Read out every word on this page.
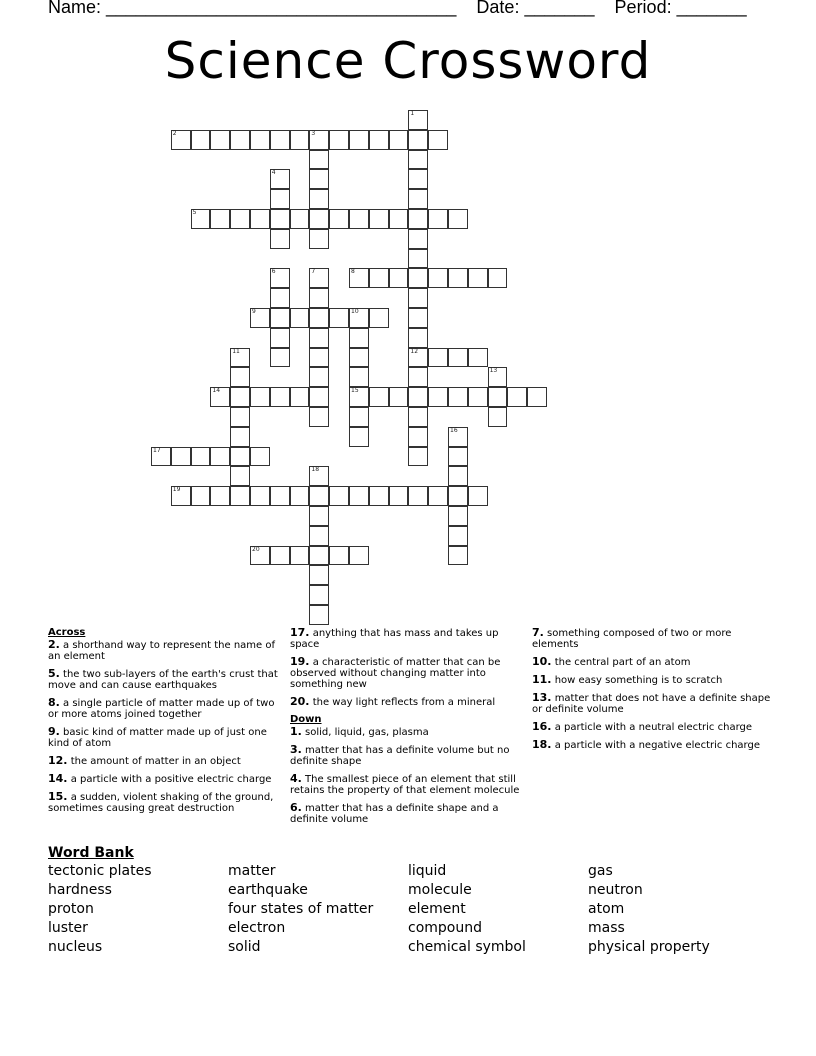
Name: ___________________________________ Date: _______ Period: _______
Science Crossword
1
12
2	3
4
5
6	7	8
9	10
15
11
13
14
16
17
18
19
20
Across
2. a shorthand way to represent the name of an element
5. the two sub-layers of the earth's crust that move and can cause earthquakes
8. a single particle of matter made up of two or more atoms joined together
9. basic kind of matter made up of just one kind of atom
12. the amount of matter in an object
14. a particle with a positive electric charge
15. a sudden, violent shaking of the ground, sometimes causing great destruction
17. anything that has mass and takes up space
19. a characteristic of matter that can be observed without changing matter into something new
20. the way light reflects from a mineral
Down
1. solid, liquid, gas, plasma
3. matter that has a definite volume but no definite shape
4. The smallest piece of an element that still retains the property of that element molecule
6. matter that has a definite shape and a definite volume
7. something composed of two or more elements
10. the central part of an atom
11. how easy something is to scratch
13. matter that does not have a definite shape or definite volume
16. a particle with a neutral electric charge
18. a particle with a negative electric charge
Word Bank
tectonic plates	matter	liquid	gas
hardness	earthquake	molecule	neutron
proton	four states of matter	element	atom
luster	electron	compound	mass
nucleus	solid	chemical symbol	physical property
